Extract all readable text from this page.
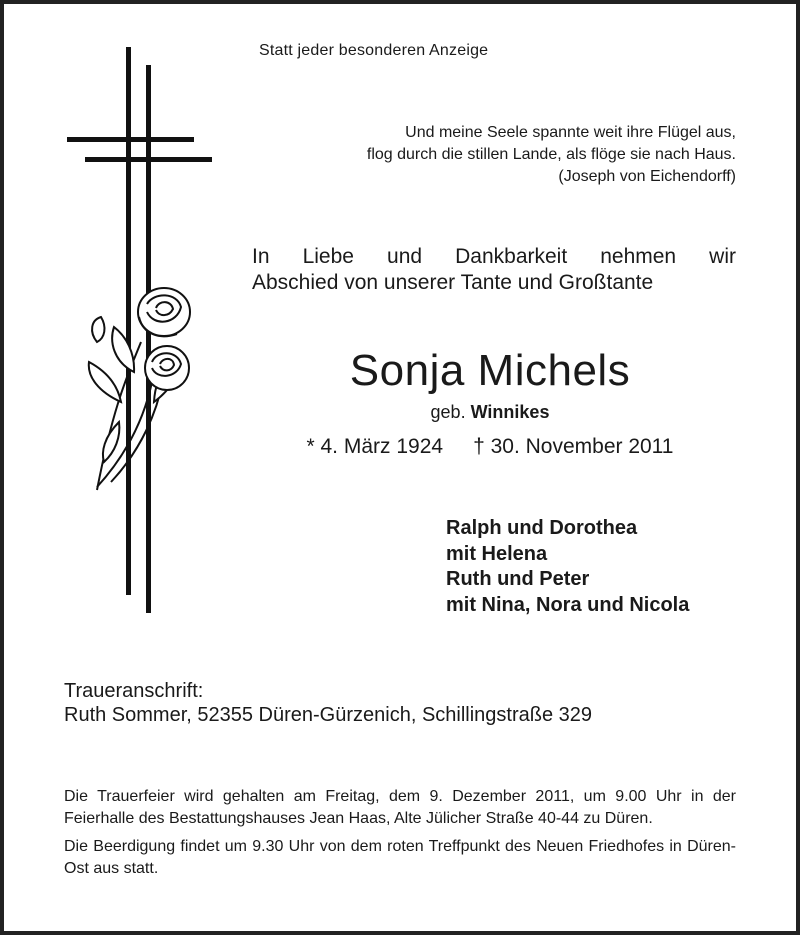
Statt jeder besonderen Anzeige
Und meine Seele spannte weit ihre Flügel aus,
flog durch die stillen Lande, als flöge sie nach Haus.
(Joseph von Eichendorff)
In Liebe und Dankbarkeit nehmen wir
Abschied von unserer Tante und Großtante
Sonja Michels
geb. Winnikes
* 4. März 1924 † 30. November 2011
Ralph und Dorothea
mit Helena
Ruth und Peter
mit Nina, Nora und Nicola
Traueranschrift:
Ruth Sommer, 52355 Düren-Gürzenich, Schillingstraße 329

Die Trauerfeier wird gehalten am Freitag, dem 9. Dezember 2011, um 9.00 Uhr in der Feierhalle des Bestattungshauses Jean Haas, Alte Jülicher Straße 40-44 zu Düren.

Die Beerdigung findet um 9.30 Uhr von dem roten Treffpunkt des Neuen Friedhofes in Düren-Ost aus statt.
